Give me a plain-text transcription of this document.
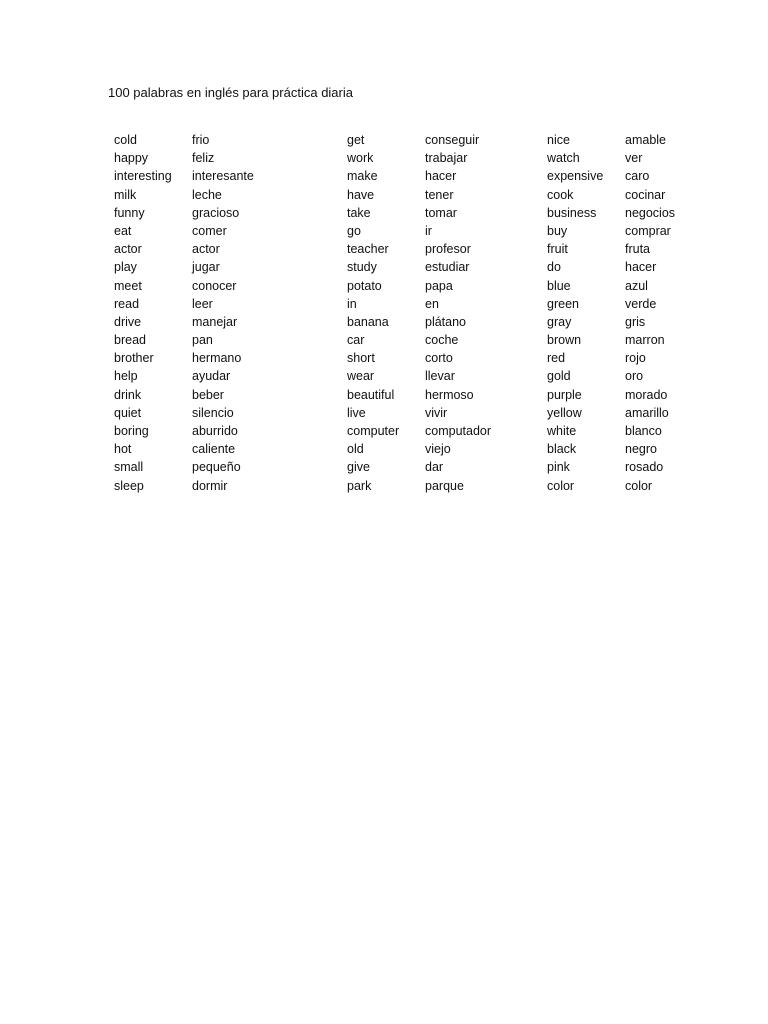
100 palabras en inglés para práctica diaria
cold	frio
happy	feliz
interesting interesante
milk	leche
funny	gracioso
eat	comer
actor	actor
play	jugar
meet	conocer
read	leer
drive	manejar
bread	pan
brother	hermano
help	ayudar
drink	beber
quiet	silencio
boring	aburrido
hot	caliente
small	pequeño
sleep	dormir
get	conseguir
work	trabajar
make	hacer
have	tener
take	tomar
go	ir
teacher	profesor
study	estudiar
potato	papa
in	en
banana	plátano
car	coche
short	corto
wear	llevar
beautiful hermoso
live	vivir
computer computador
old	viejo
give	dar
park	parque
nice	amable
watch	ver
expensive caro
cook	cocinar
business negocios
buy	comprar
fruit	fruta
do	hacer
blue	azul
green	verde
gray	gris
brown	marron
red	rojo
gold	oro
purple	morado
yellow	amarillo
white	blanco
black	negro
pink	rosado
color	color
